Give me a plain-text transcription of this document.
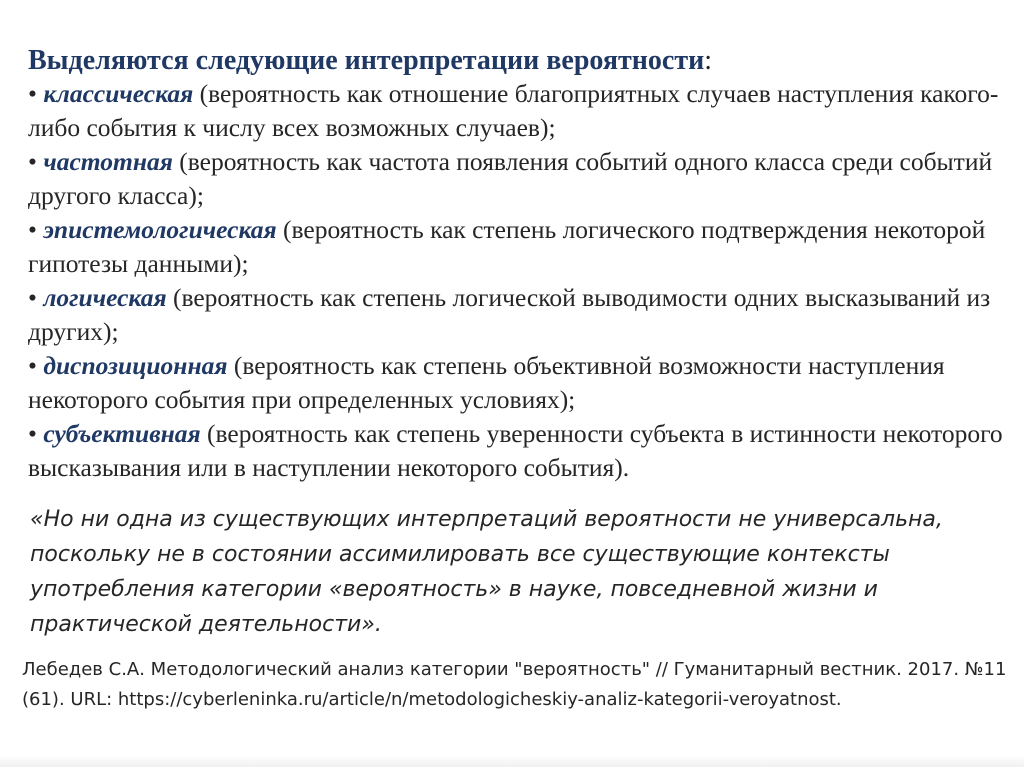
Выделяются следующие интерпретации вероятности:

• классическая (вероятность как отношение благоприятных случаев наступления какого-либо события к числу всех возможных случаев);

• частотная (вероятность как частота появления событий одного класса среди событий другого класса);

• эпистемологическая (вероятность как степень логического подтверждения некоторой гипотезы данными);

• логическая (вероятность как степень логической выводимости одних высказываний из других);

• диспозиционная (вероятность как степень объективной возможности наступления некоторого события при определенных условиях);

• субъективная (вероятность как степень уверенности субъекта в истинности некоторого высказывания или в наступлении некоторого события).

«Но ни одна из существующих интерпретаций вероятности не универсальна, поскольку не в состоянии ассимилировать все существующие контексты употребления категории «вероятность» в науке, повседневной жизни и практической деятельности».

Лебедев С.А. Методологический анализ категории "вероятность" // Гуманитарный вестник. 2017. №11 (61). URL: https://cyberleninka.ru/article/n/metodologicheskiy-analiz-kategorii-veroyatnost.
